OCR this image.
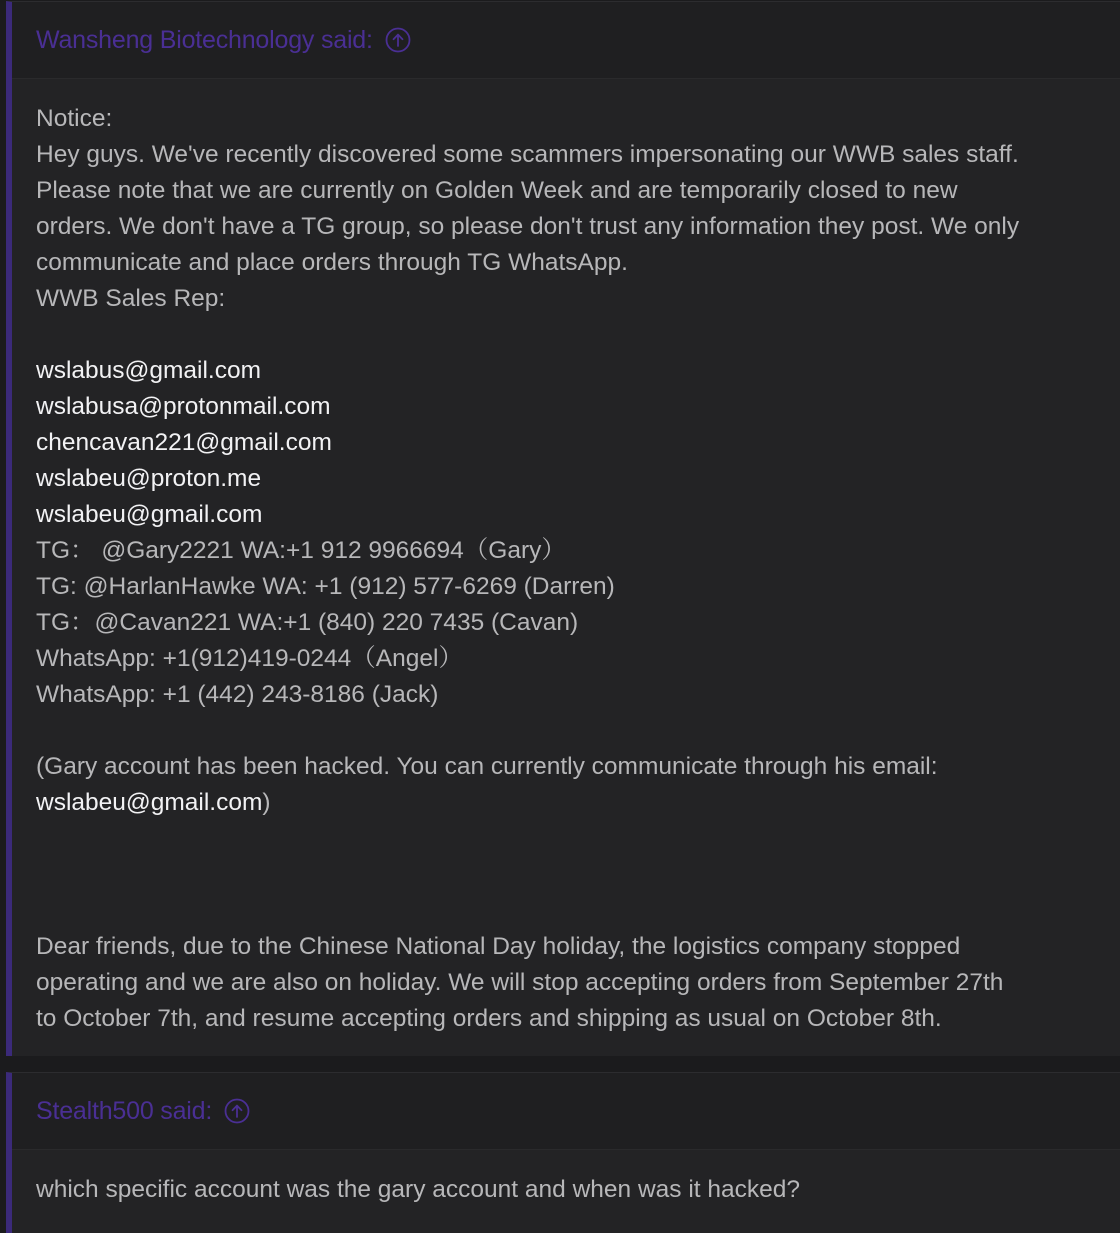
Wansheng Biotechnology said:
Notice:
Hey guys. We've recently discovered some scammers impersonating our WWB sales staff.
Please note that we are currently on Golden Week and are temporarily closed to new
orders. We don't have a TG group, so please don't trust any information they post. We only
communicate and place orders through TG WhatsApp.
WWB Sales Rep:
wslabus@gmail.com
wslabusa@protonmail.com
chencavan221@gmail.com
wslabeu@proton.me
wslabeu@gmail.com
TG： @Gary2221 WA:+1 912 9966694（Gary）
TG: @HarlanHawke WA: +1 (912) 577-6269 (Darren)
TG：@Cavan221 WA:+1 (840) 220 7435 (Cavan)
WhatsApp: +1(912)419-0244（Angel）
WhatsApp: +1 (442) 243-8186 (Jack)
(Gary account has been hacked. You can currently communicate through his email:
wslabeu@gmail.com)
Dear friends, due to the Chinese National Day holiday, the logistics company stopped
operating and we are also on holiday. We will stop accepting orders from September 27th
to October 7th, and resume accepting orders and shipping as usual on October 8th.
Stealth500 said:
which specific account was the gary account and when was it hacked?
